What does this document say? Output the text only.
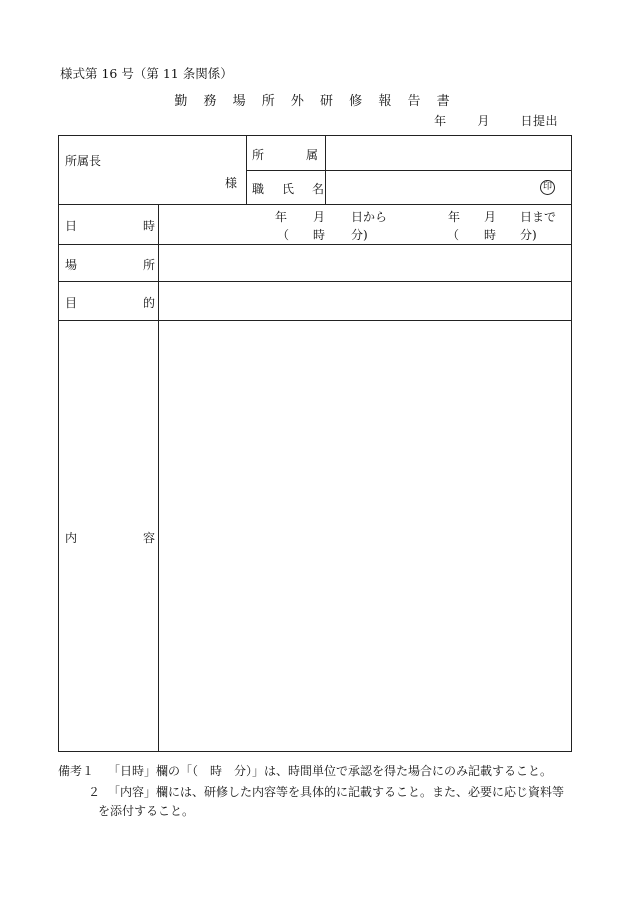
様式第 16 号（第 11 条関係）
勤 務 場 所 外 研 修 報 告 書
年	月	日提出
所属長
様
所	属
職 氏 名	印
日	時
年 月 日から
（ 時 分)
年 月 日まで
（ 時 分)
場	所
目	的
内	容
備考１ 「日時」欄の「（　時　分）」は、時間単位で承認を得た場合にのみ記載すること。
２ 「内容」欄には、研修した内容等を具体的に記載すること。また、必要に応じ資料等
を添付すること。
